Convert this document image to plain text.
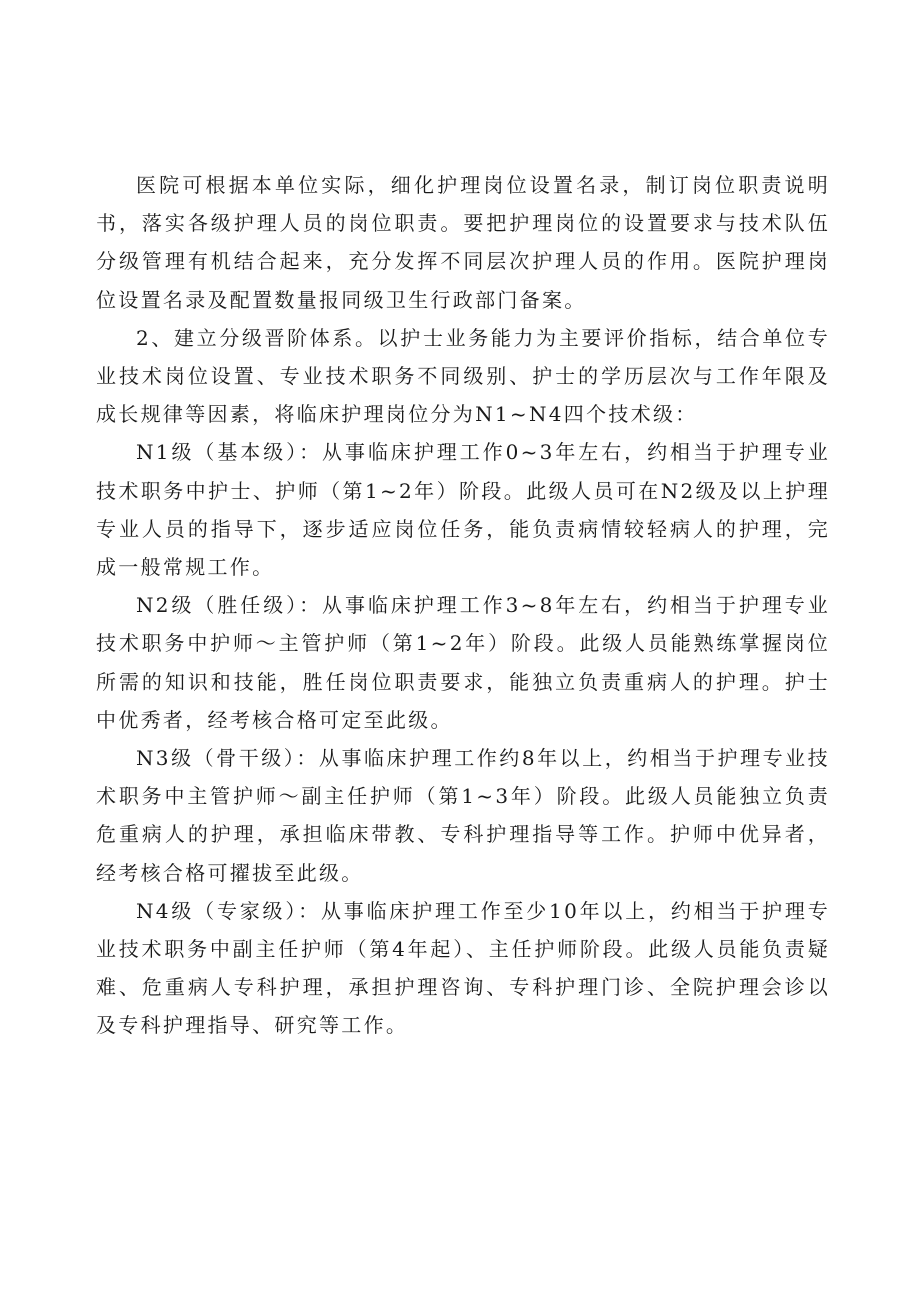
医院可根据本单位实际，细化护理岗位设置名录，制订岗位职责说明书，落实各级护理人员的岗位职责。要把护理岗位的设置要求与技术队伍分级管理有机结合起来，充分发挥不同层次护理人员的作用。医院护理岗位设置名录及配置数量报同级卫生行政部门备案。

2、建立分级晋阶体系。以护士业务能力为主要评价指标，结合单位专业技术岗位设置、专业技术职务不同级别、护士的学历层次与工作年限及成长规律等因素，将临床护理岗位分为N1~N4四个技术级：

N1级（基本级）：从事临床护理工作0~3年左右，约相当于护理专业技术职务中护士、护师（第1~2年）阶段。此级人员可在N2级及以上护理专业人员的指导下，逐步适应岗位任务，能负责病情较轻病人的护理，完成一般常规工作。

N2级（胜任级）：从事临床护理工作3~8年左右，约相当于护理专业技术职务中护师～主管护师（第1~2年）阶段。此级人员能熟练掌握岗位所需的知识和技能，胜任岗位职责要求，能独立负责重病人的护理。护士中优秀者，经考核合格可定至此级。

N3级（骨干级）：从事临床护理工作约8年以上，约相当于护理专业技术职务中主管护师～副主任护师（第1~3年）阶段。此级人员能独立负责危重病人的护理，承担临床带教、专科护理指导等工作。护师中优异者，经考核合格可擢拔至此级。

N4级（专家级）：从事临床护理工作至少10年以上，约相当于护理专业技术职务中副主任护师（第4年起）、主任护师阶段。此级人员能负责疑难、危重病人专科护理，承担护理咨询、专科护理门诊、全院护理会诊以及专科护理指导、研究等工作。
